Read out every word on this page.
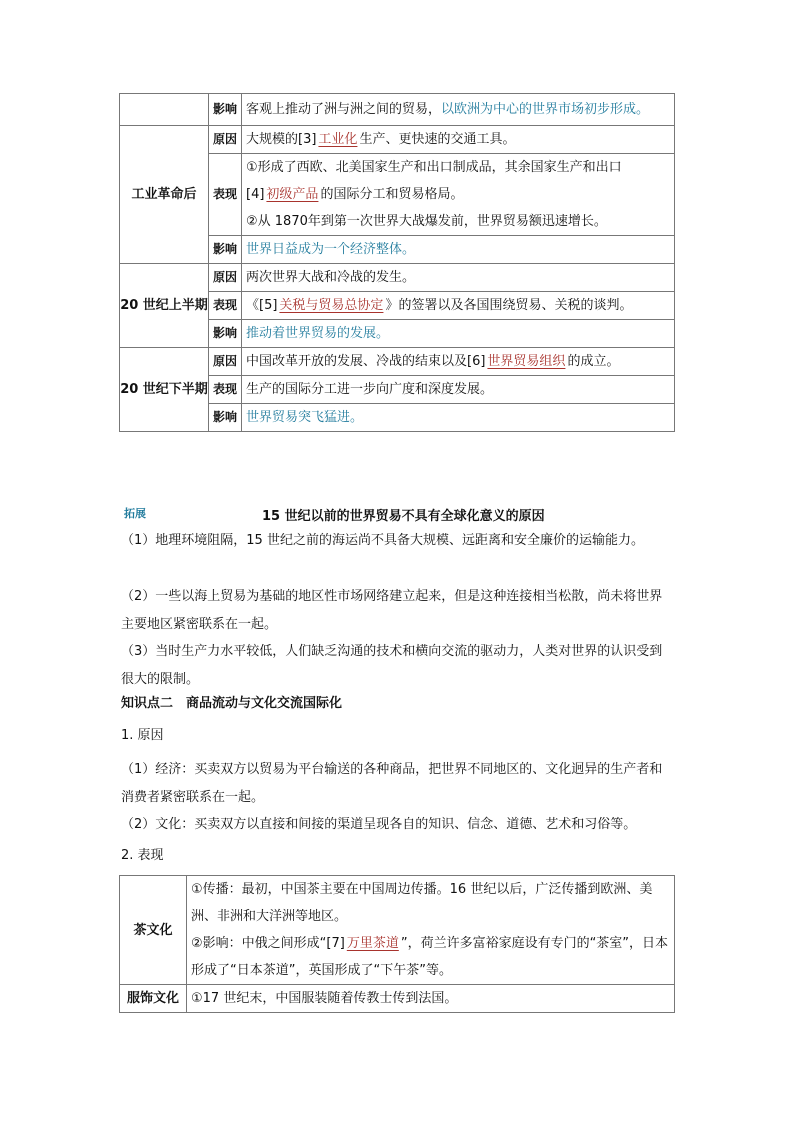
	影响	客观上推动了洲与洲之间的贸易，以欧洲为中心的世界市场初步形成。
工业革命后	原因	大规模的[3] 工业化 生产、更快速的交通工具。
	表现	①形成了西欧、北美国家生产和出口制成品，其余国家生产和出口
[4] 初级产品 的国际分工和贸易格局。
②从 1870年到第一次世界大战爆发前，世界贸易额迅速增长。

	影响	世界日益成为一个经济整体。
20 世纪上半期	原因	两次世界大战和冷战的发生。
	表现	《[5] 关税与贸易总协定 》的签署以及各国围绕贸易、关税的谈判。
	影响	推动着世界贸易的发展。
20 世纪下半期	原因	中国改革开放的发展、冷战的结束以及[6] 世界贸易组织 的成立。
	表现	生产的国际分工进一步向广度和深度发展。
	影响	世界贸易突飞猛进。
拓展	15 世纪以前的世界贸易不具有全球化意义的原因
（1）地理环境阻隔，15 世纪之前的海运尚不具备大规模、远距离和安全廉价的运输能力。
（2）一些以海上贸易为基础的地区性市场网络建立起来，但是这种连接相当松散，尚未将世界主要地区紧密联系在一起。
（3）当时生产力水平较低，人们缺乏沟通的技术和横向交流的驱动力，人类对世界的认识受到很大的限制。
知识点二　商品流动与文化交流国际化
1. 原因
（1）经济：买卖双方以贸易为平台输送的各种商品，把世界不同地区的、文化迥异的生产者和消费者紧密联系在一起。
（2）文化：买卖双方以直接和间接的渠道呈现各自的知识、信念、道德、艺术和习俗等。
2. 表现
茶文化	①传播：最初，中国茶主要在中国周边传播。16 世纪以后，广泛传播到欧洲、美洲、非洲和大洋洲等地区。
②影响：中俄之间形成“[7] 万里茶道 ”，荷兰许多富裕家庭设有专门的“茶室”，日本形成了“日本茶道”，英国形成了“下午茶”等。

服饰文化	①17 世纪末，中国服装随着传教士传到法国。
